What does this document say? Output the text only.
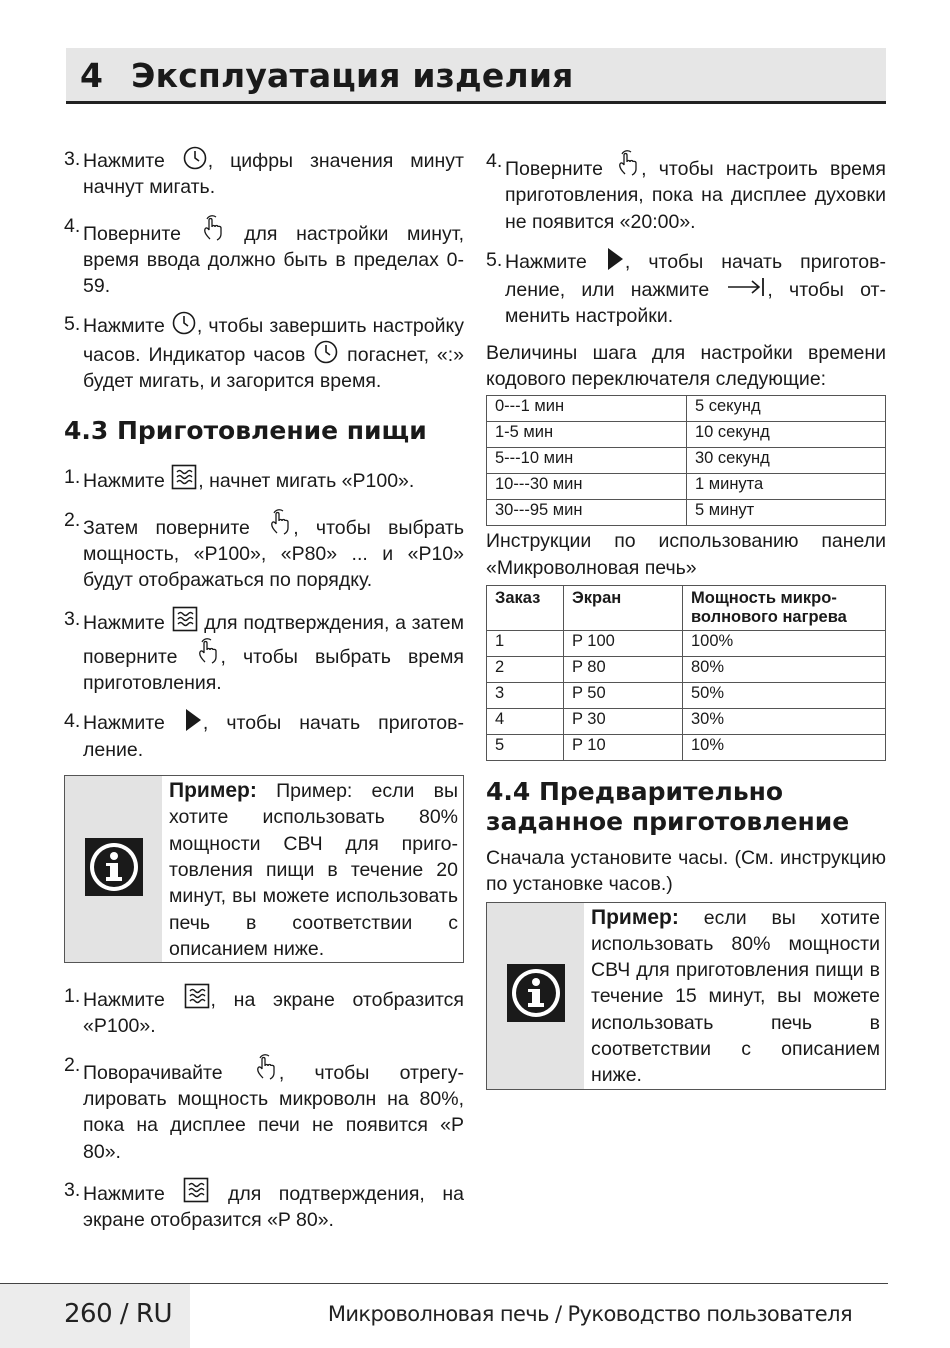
4 Эксплуатация изделия
3. Нажмите
, цифры значения минут начнут мигать.
4. Поверните
для настройки минут, время ввода должно быть в пределах 0-59.
5. Нажмите
, чтобы завершить настройку часов. Индикатор часов
погаснет, «:» будет мигать, и загорится время.
4.3 Приготовление пищи
1. Нажмите
, начнет мигать «P100».
2. Затем поверните
, чтобы выбрать мощность, «P100», «P80» ... и «P10» будут отображаться по порядку.
3. Нажмите
для подтверждения, а затем поверните
, чтобы выбрать время приготовления.
4. Нажмите
, чтобы начать приготовление.
Пример: Пример: если вы хотите использовать 80% мощности СВЧ для приготовления пищи в течение 20 минут, вы можете использовать печь в соответствии с описанием ниже.
1. Нажмите
, на экране отобразится «P100».
2. Поворачивайте
, чтобы отрегулировать мощность микроволн на 80%, пока на дисплее печи не появится «P 80».
3. Нажмите
для подтверждения, на экране отобразится «P 80».
4. Поверните
, чтобы настроить время приготовления, пока на дисплее духовки не появится «20:00».
5. Нажмите
, чтобы начать приготовление, или нажмите
, чтобы отменить настройки.

Величины шага для настройки времени кодового переключателя следующие:

0---1 мин	5 секунд
1-5 мин	10 секунд
5---10 мин	30 секунд
10---30 мин	1 минута
30---95 мин	5 минут

Инструкции по использованию панели «Микроволновая печь»

Заказ	Экран	Мощность микроволнового нагрева
1	P 100	100%
2	P 80	80%
3	P 50	50%
4	P 30	30%
5	P 10	10%
4.4 Предварительно заданное приготовление

Сначала установите часы. (См. инструкцию по установке часов.)

Пример: если вы хотите использовать 80% мощности СВЧ для приготовления пищи в течение 15 минут, вы можете использовать печь в соответствии с описанием ниже.
260 / RU	Микроволновая печь / Руководство пользователя
